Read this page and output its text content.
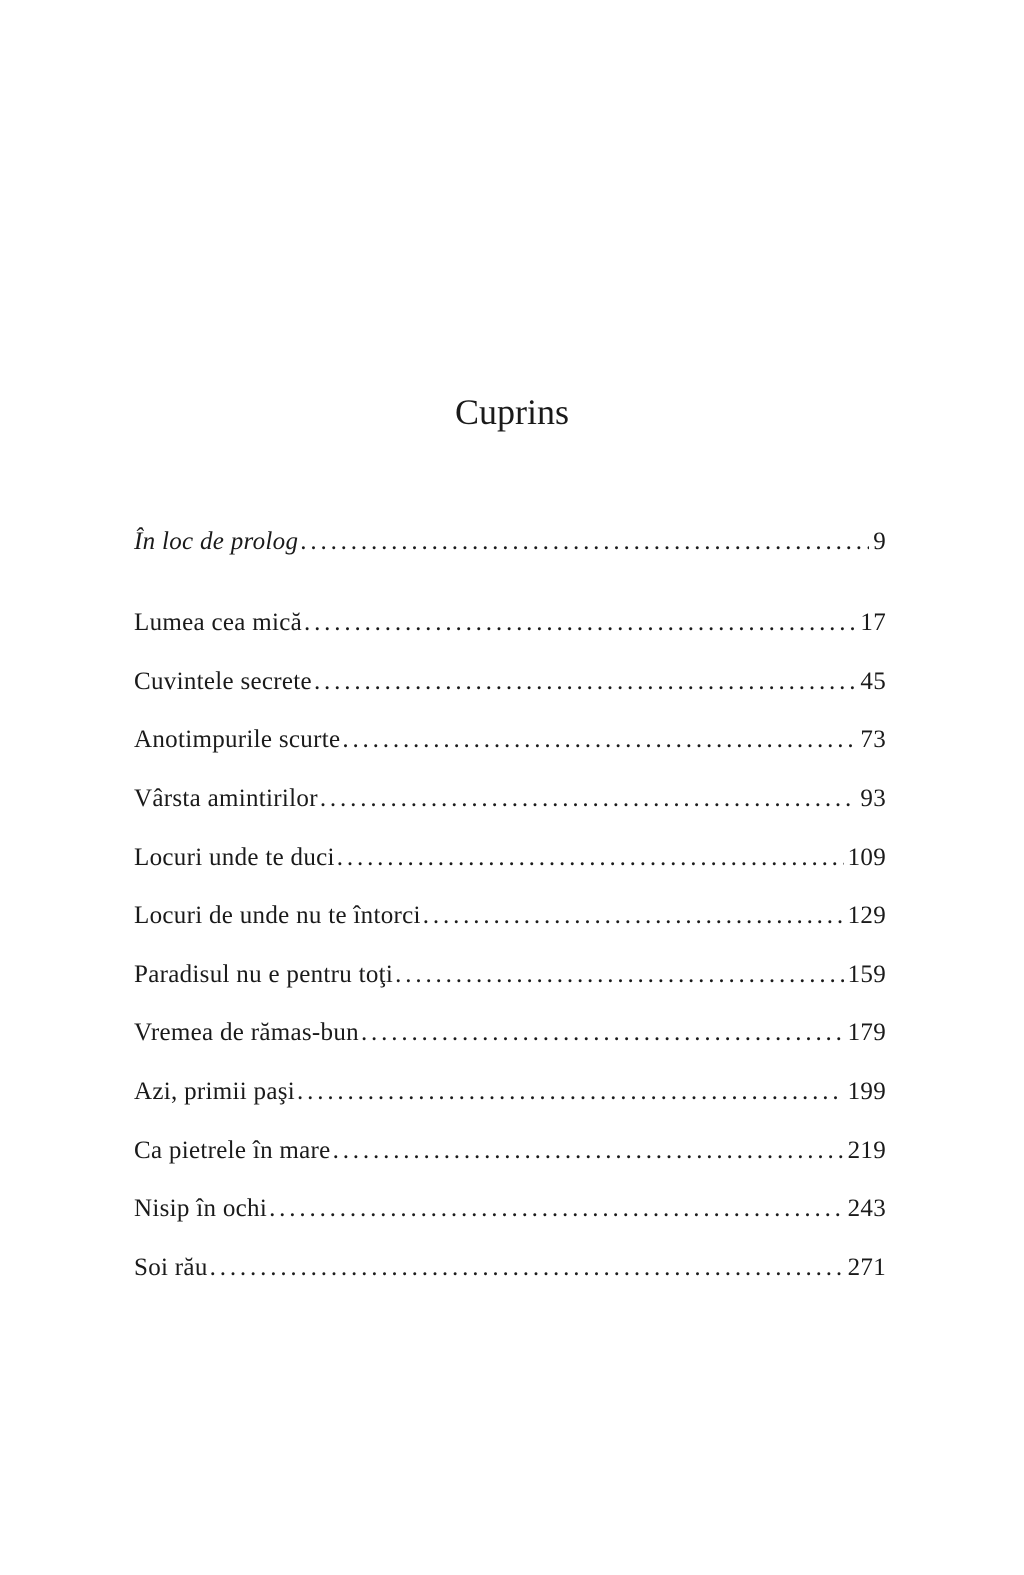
Cuprins
În loc de prolog . . .	9
Lumea cea mică . . .	17
Cuvintele secrete . . .	45
Anotimpurile scurte . . .	73
Vârsta amintirilor . . .	93
Locuri unde te duci . . .	109
Locuri de unde nu te întorci . . .	129
Paradisul nu e pentru toţi . . .	159
Vremea de rămas-bun . . .	179
Azi, primii paşi . . .	199
Ca pietrele în mare . . .	219
Nisip în ochi . . .	243
Soi rău . . .	271
